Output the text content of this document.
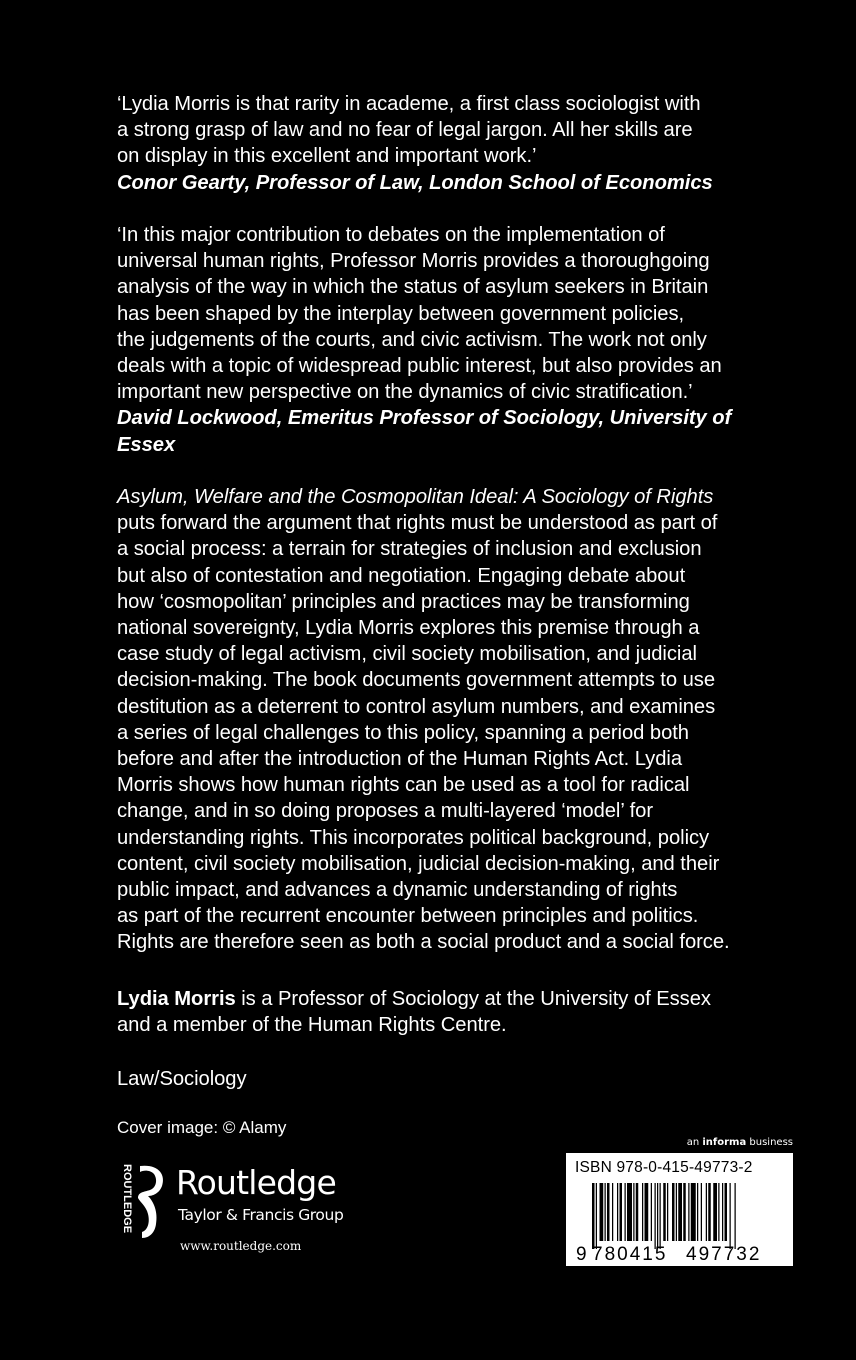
‘Lydia Morris is that rarity in academe, a first class sociologist with
a strong grasp of law and no fear of legal jargon. All her skills are
on display in this excellent and important work.’
Conor Gearty, Professor of Law, London School of Economics
‘In this major contribution to debates on the implementation of
universal human rights, Professor Morris provides a thoroughgoing
analysis of the way in which the status of asylum seekers in Britain
has been shaped by the interplay between government policies,
the judgements of the courts, and civic activism. The work not only
deals with a topic of widespread public interest, but also provides an
important new perspective on the dynamics of civic stratification.’
David Lockwood, Emeritus Professor of Sociology, University of
Essex
Asylum, Welfare and the Cosmopolitan Ideal: A Sociology of Rights
puts forward the argument that rights must be understood as part of
a social process: a terrain for strategies of inclusion and exclusion
but also of contestation and negotiation. Engaging debate about
how ‘cosmopolitan’ principles and practices may be transforming
national sovereignty, Lydia Morris explores this premise through a
case study of legal activism, civil society mobilisation, and judicial
decision-making. The book documents government attempts to use
destitution as a deterrent to control asylum numbers, and examines
a series of legal challenges to this policy, spanning a period both
before and after the introduction of the Human Rights Act. Lydia
Morris shows how human rights can be used as a tool for radical
change, and in so doing proposes a multi-layered ‘model’ for
understanding rights. This incorporates political background, policy
content, civil society mobilisation, judicial decision-making, and their
public impact, and advances a dynamic understanding of rights
as part of the recurrent encounter between principles and politics.
Rights are therefore seen as both a social product and a social force.
Lydia Morris is a Professor of Sociology at the University of Essex
and a member of the Human Rights Centre.
Law/Sociology
Cover image: © Alamy
ROUTLEDGE Routledge
Taylor & Francis Group
www.routledge.com
an informa business
ISBN 978-0-415-49773-2
9 780415 497732
